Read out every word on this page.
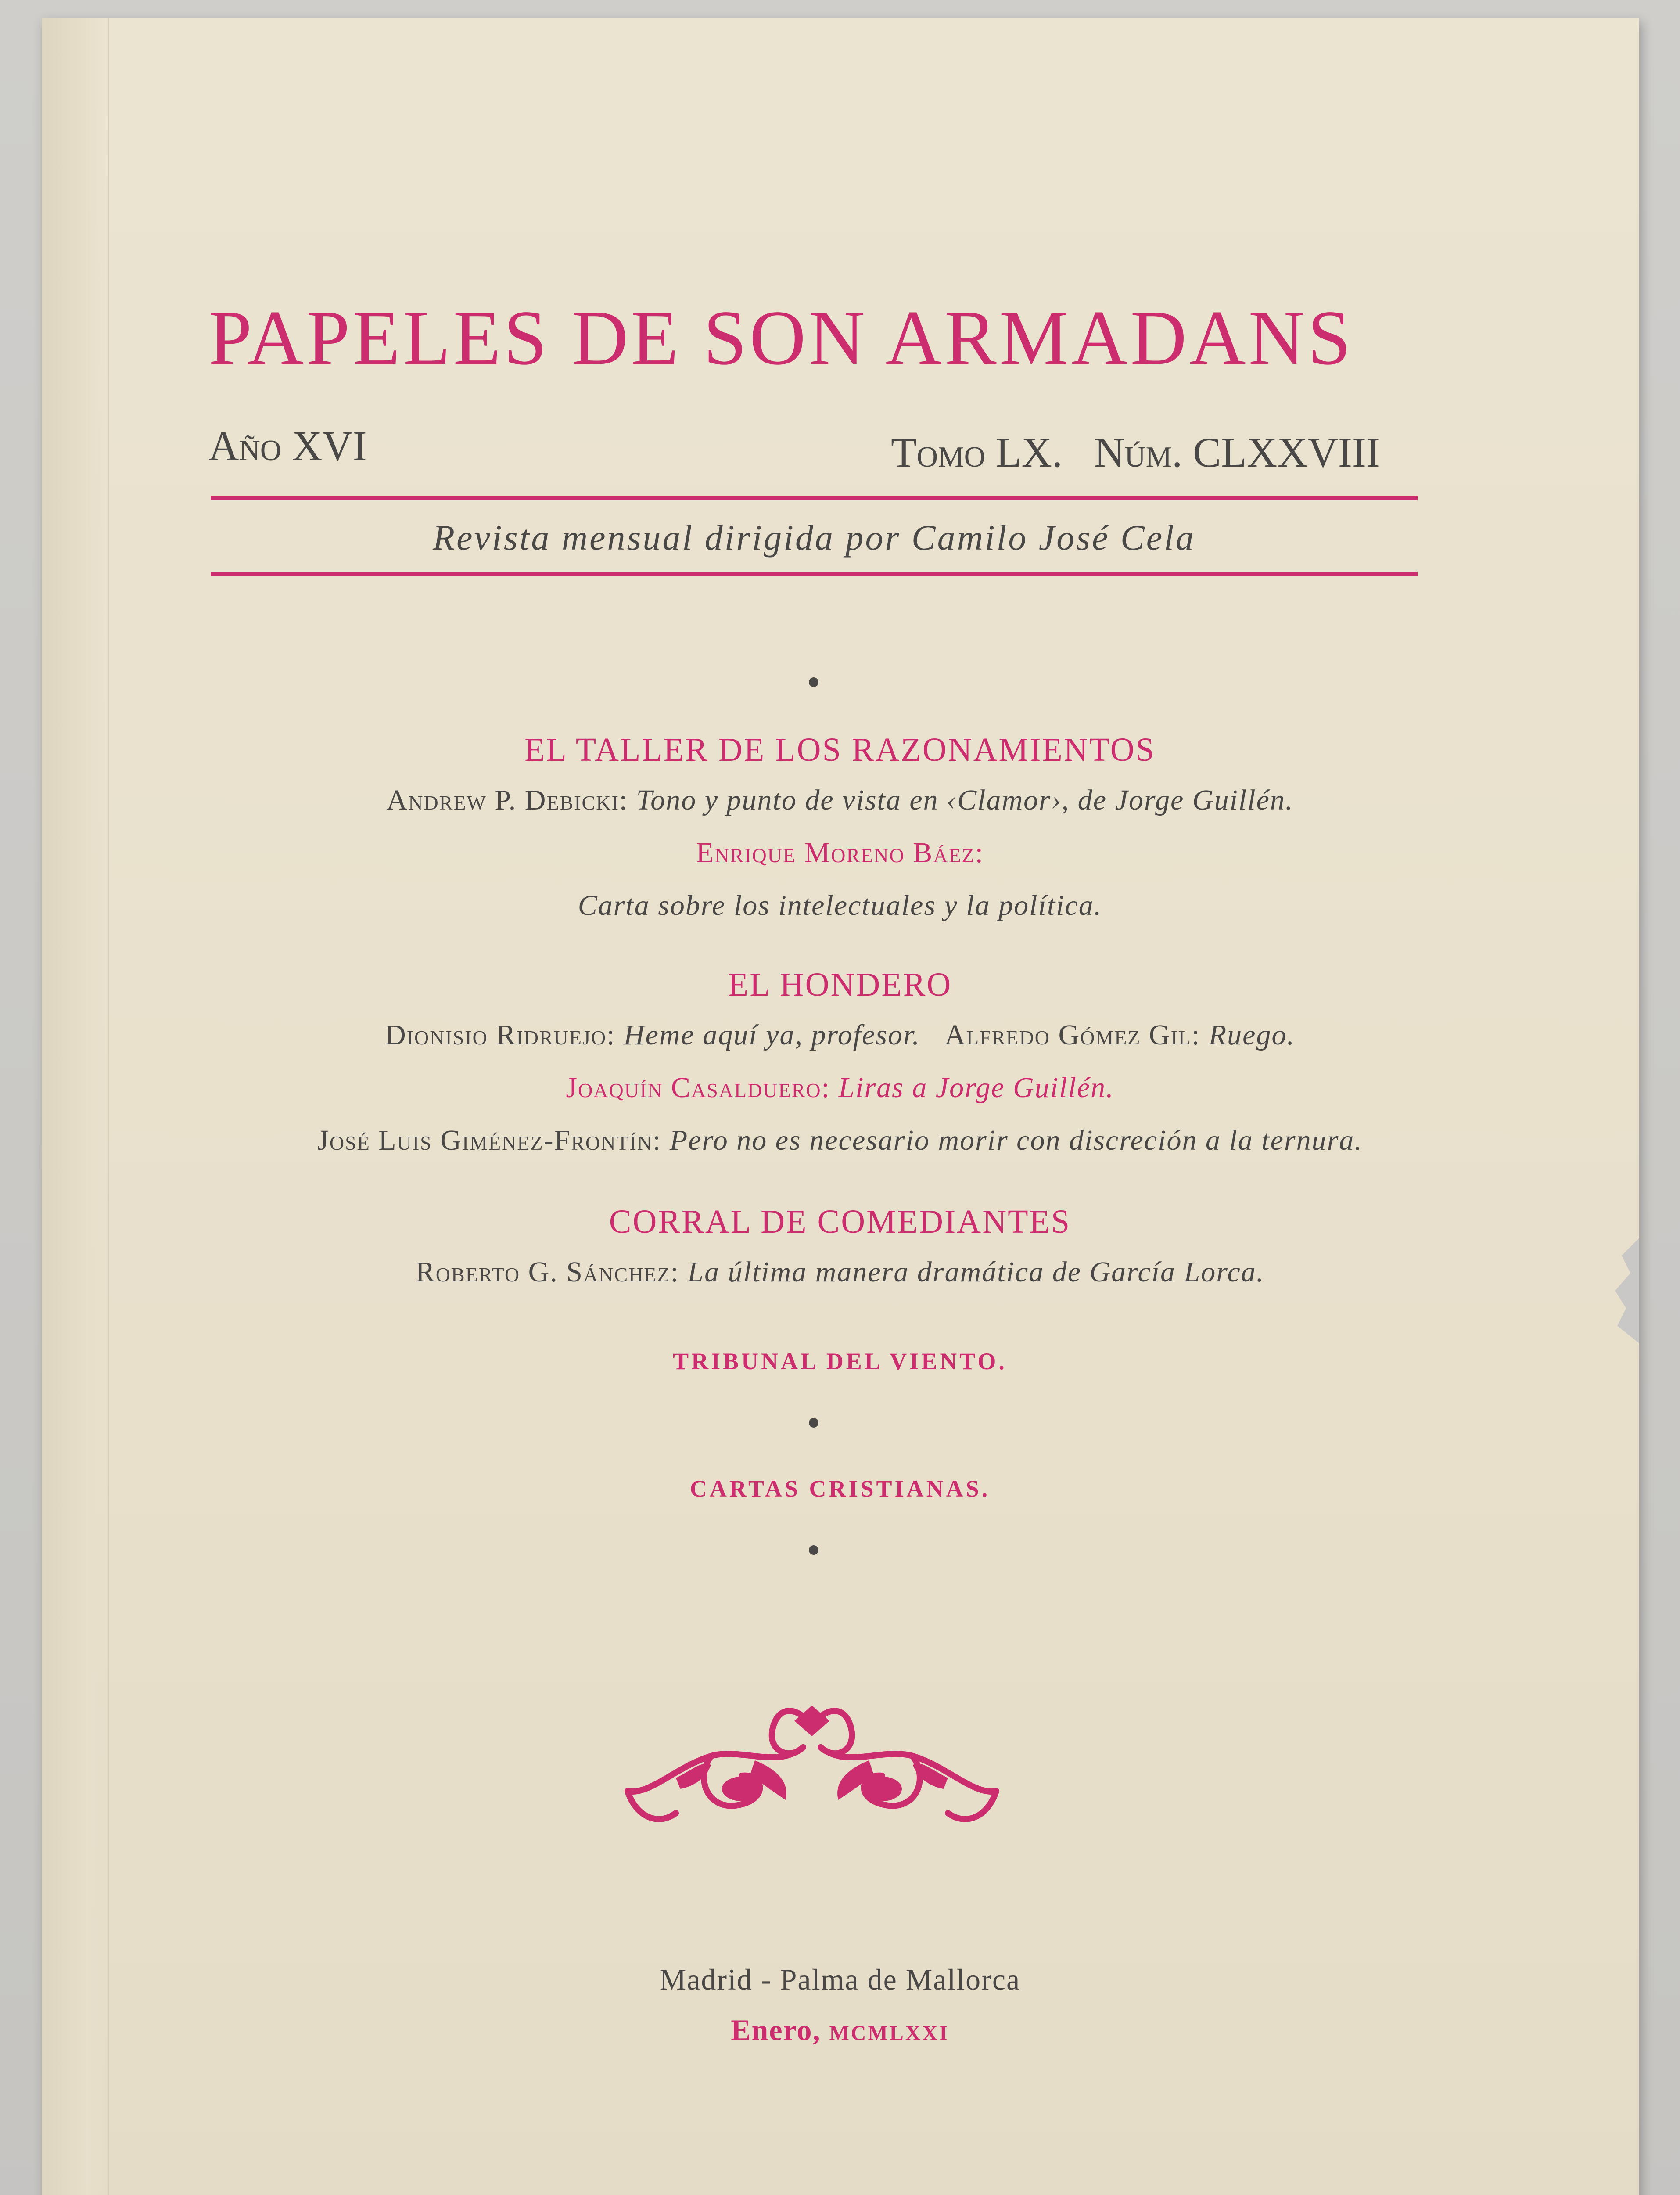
PAPELES DE SON ARMADANS
Año XVI	Tomo LX.   Núm. CLXXVIII
Revista mensual dirigida por Camilo José Cela
EL TALLER DE LOS RAZONAMIENTOS
Andrew P. Debicki: Tono y punto de vista en ‹Clamor›, de Jorge Guillén.
Enrique Moreno Báez:
Carta sobre los intelectuales y la política.
EL HONDERO
Dionisio Ridruejo: Heme aquí ya, profesor. Alfredo Gómez Gil: Ruego.
Joaquín Casalduero: Liras a Jorge Guillén.
José Luis Giménez-Frontín: Pero no es necesario morir con discreción a la ternura.
CORRAL DE COMEDIANTES
Roberto G. Sánchez: La última manera dramática de García Lorca.
TRIBUNAL DEL VIENTO.
CARTAS CRISTIANAS.
Madrid - Palma de Mallorca
Enero, MCMLXXI
